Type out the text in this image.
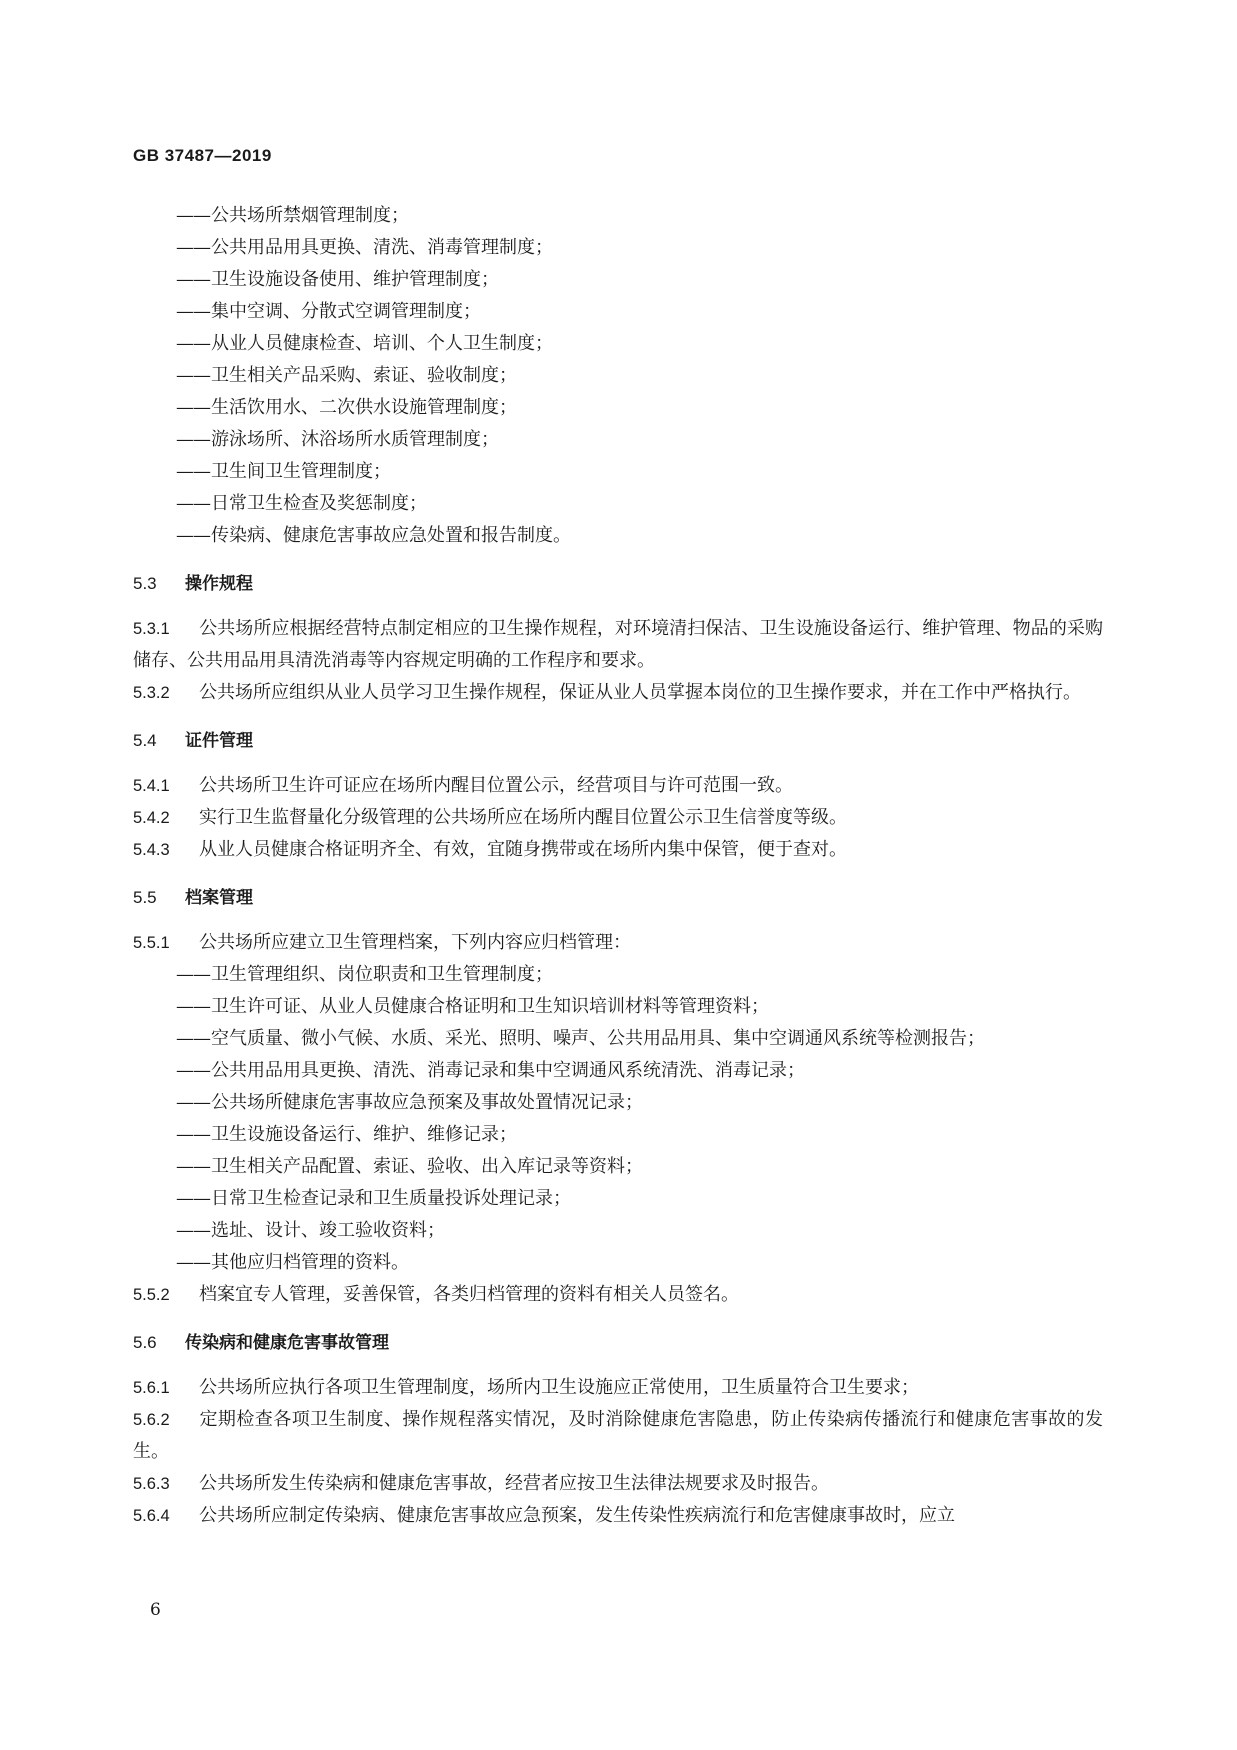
GB 37487—2019
—— 公共场所禁烟管理制度；
—— 公共用品用具更换、清洗、消毒管理制度；
—— 卫生设施设备使用、维护管理制度；
—— 集中空调、分散式空调管理制度；
—— 从业人员健康检查、培训、个人卫生制度；
—— 卫生相关产品采购、索证、验收制度；
—— 生活饮用水、二次供水设施管理制度；
—— 游泳场所、沐浴场所水质管理制度；
—— 卫生间卫生管理制度；
—— 日常卫生检查及奖惩制度；
—— 传染病、健康危害事故应急处置和报告制度。
5.3 操作规程

5.3.1 公共场所应根据经营特点制定相应的卫生操作规程，对环境清扫保洁、卫生设施设备运行、维护管理、物品的采购储存、公共用品用具清洗消毒等内容规定明确的工作程序和要求。

5.3.2 公共场所应组织从业人员学习卫生操作规程，保证从业人员掌握本岗位的卫生操作要求，并在工作中严格执行。

5.4 证件管理

5.4.1 公共场所卫生许可证应在场所内醒目位置公示，经营项目与许可范围一致。

5.4.2 实行卫生监督量化分级管理的公共场所应在场所内醒目位置公示卫生信誉度等级。

5.4.3 从业人员健康合格证明齐全、有效，宜随身携带或在场所内集中保管，便于查对。

5.5 档案管理

5.5.1 公共场所应建立卫生管理档案，下列内容应归档管理：

—— 卫生管理组织、岗位职责和卫生管理制度；
—— 卫生许可证、从业人员健康合格证明和卫生知识培训材料等管理资料；
—— 空气质量、微小气候、水质、采光、照明、噪声、公共用品用具、集中空调通风系统等检测报告；
—— 公共用品用具更换、清洗、消毒记录和集中空调通风系统清洗、消毒记录；
—— 公共场所健康危害事故应急预案及事故处置情况记录；
—— 卫生设施设备运行、维护、维修记录；
—— 卫生相关产品配置、索证、验收、出入库记录等资料；
—— 日常卫生检查记录和卫生质量投诉处理记录；
—— 选址、设计、竣工验收资料；
—— 其他应归档管理的资料。

5.5.2 档案宜专人管理，妥善保管，各类归档管理的资料有相关人员签名。

5.6 传染病和健康危害事故管理

5.6.1 公共场所应执行各项卫生管理制度，场所内卫生设施应正常使用，卫生质量符合卫生要求；

5.6.2 定期检查各项卫生制度、操作规程落实情况，及时消除健康危害隐患，防止传染病传播流行和健康危害事故的发生。

5.6.3 公共场所发生传染病和健康危害事故，经营者应按卫生法律法规要求及时报告。

5.6.4 公共场所应制定传染病、健康危害事故应急预案，发生传染性疾病流行和危害健康事故时，应立

6
